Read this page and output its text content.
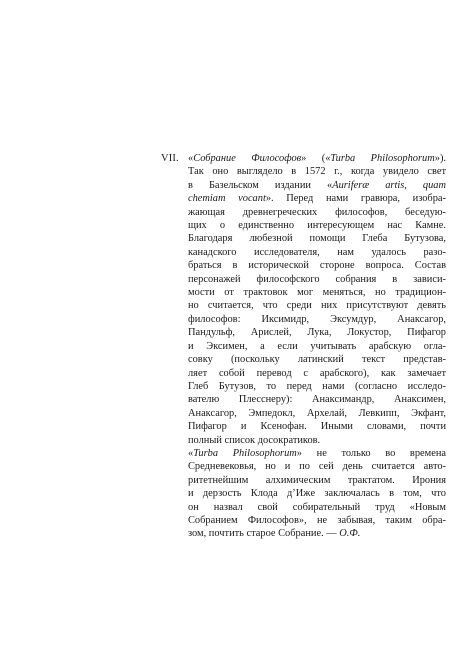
VII. «Собрание Философов» («Turba Philosophorum»).
Так оно выглядело в 1572 г., когда увидело свет
в Базельском издании «Auriferæ artis, quam
chemiam vocant». Перед нами гравюра, изобра-
жающая древнегреческих философов, беседую-
щих о единственно интересующем нас Камне.
Благодаря любезной помощи Глеба Бутузова,
канадского исследователя, нам удалось разо-
браться в исторической стороне вопроса. Состав
персонажей философского собрания в зависи-
мости от трактовок мог меняться, но традицион-
но считается, что среди них присутствуют девять
философов: Иксимидр, Эксумдур, Анаксагор,
Пандульф, Арислей, Лука, Локустор, Пифагор
и Эксимен, а если учитывать арабскую огла-
совку (поскольку латинский текст представ-
ляет собой перевод с арабского), как замечает
Глеб Бутузов, то перед нами (согласно исследо-
вателю Плесснеру): Анаксимандр, Анаксимен,
Анаксагор, Эмпедокл, Архелай, Левкипп, Экфант,
Пифагор и Ксенофан. Иными словами, почти
полный список досократиков.

«Turba Philosophorum» не только во времена
Средневековья, но и по сей день считается авто-
ритетнейшим алхимическим трактатом. Ирония
и дерзость Клода д’Ижe заключалась в том, что
он назвал свой собирательный труд «Новым
Собранием Философов», не забывая, таким обра-
зом, почтить старое Собрание. — О.Ф.
